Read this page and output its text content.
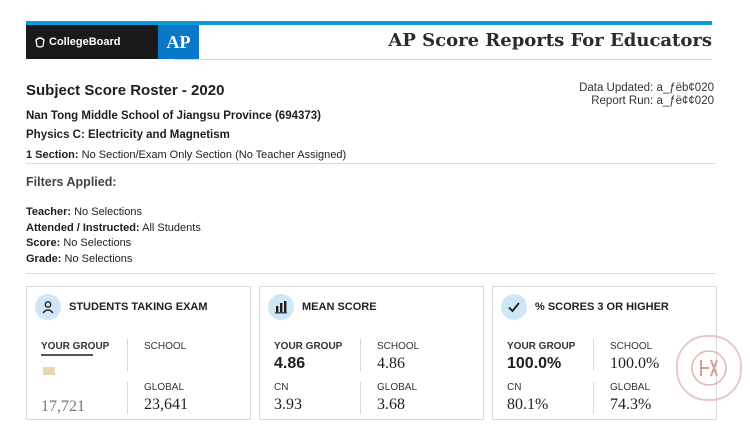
CollegeBoard	AP	AP Score Reports For Educators
Subject Score Roster - 2020	Data Updated: a_ƒëb¢020
Report Run: a_ƒë¢¢020
Nan Tong Middle School of Jiangsu Province (694373)
Physics C: Electricity and Magnetism
1 Section: No Section/Exam Only Section (No Teacher Assigned)
Filters Applied:
Teacher: No Selections
Attended / Instructed: All Students
Score: No Selections
Grade: No Selections
STUDENTS TAKING EXAM
YOUR GROUP	SCHOOL
17,721
GLOBAL
23,641
MEAN SCORE
YOUR GROUP
4.86
SCHOOL
4.86
CN
3.93
GLOBAL
3.68
% SCORES 3 OR HIGHER
YOUR GROUP
100.0%
SCHOOL
100.0%
CN
80.1%
GLOBAL
74.3%
